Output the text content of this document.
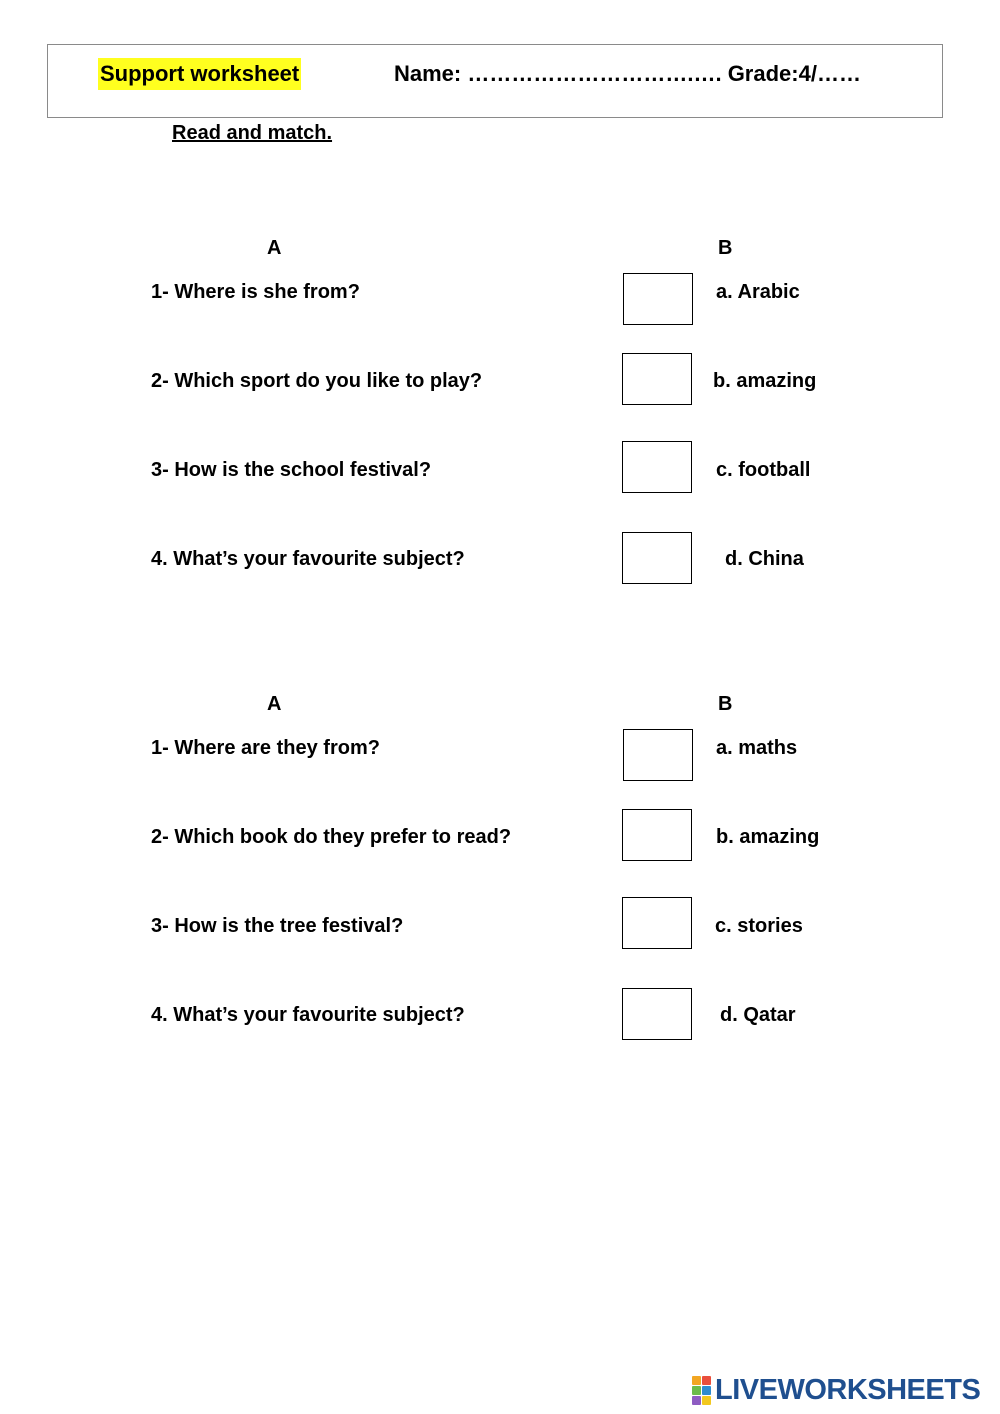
Support worksheet	Name: ………………………….…. Grade:4/……
Read and match.
A	B
1- Where is she from?	a. Arabic
2- Which sport do you like to play?	b. amazing
3- How is the school festival?	c. football
4. What’s your favourite subject?	d. China
A	B
1- Where are they from?	a. maths
2- Which book do they prefer to read?	b. amazing
3- How is the tree festival?	c. stories
4. What’s your favourite subject?	d. Qatar
LIVEWORKSHEETS
